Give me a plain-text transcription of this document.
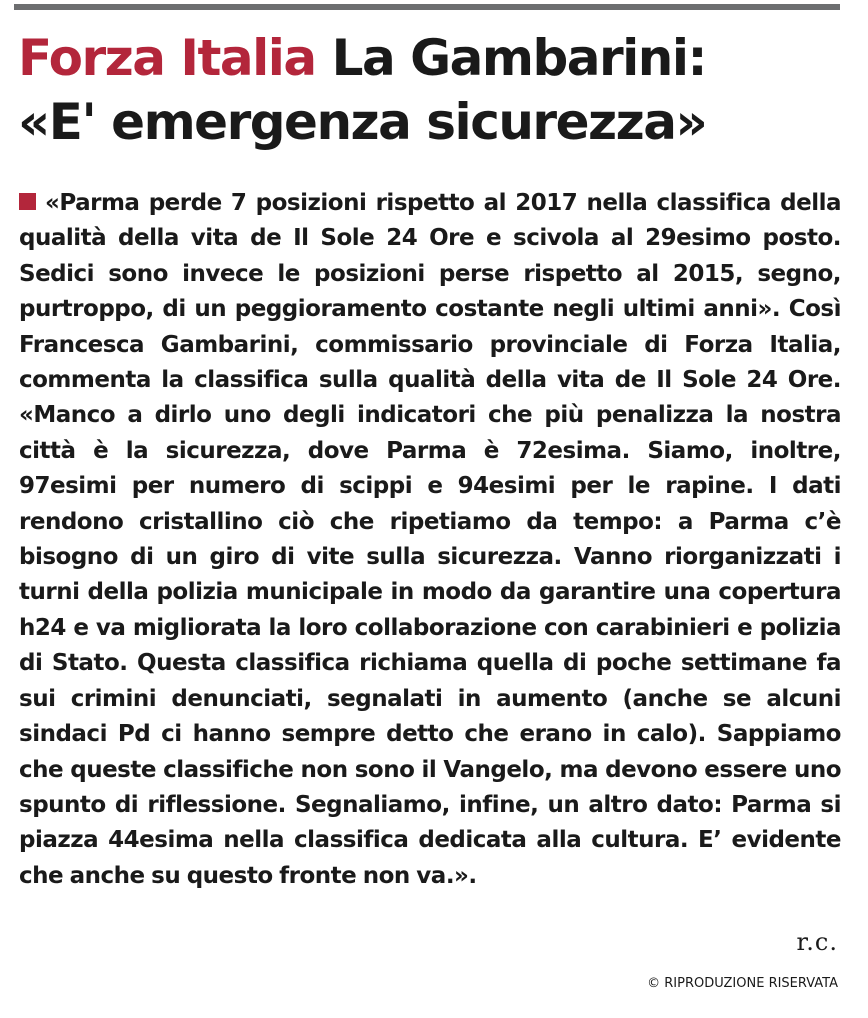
Forza Italia La Gambarini:
«E' emergenza sicurezza»

«Parma perde 7 posizioni rispetto al 2017 nella classifica della qualità della vita de Il Sole 24 Ore e scivola al 29esimo posto. Sedici sono invece le posizioni perse rispetto al 2015, segno, purtroppo, di un peggioramento costante negli ultimi anni». Così Francesca Gambarini, commissario provinciale di Forza Italia, commenta la classifica sulla qualità della vita de Il Sole 24 Ore. «Manco a dirlo uno degli indicatori che più penalizza la nostra città è la sicurezza, dove Parma è 72esima. Siamo, inoltre, 97esimi per numero di scippi e 94esimi per le rapine. I dati rendono cristallino ciò che ripetiamo da tempo: a Parma c’è bisogno di un giro di vite sulla sicurezza. Vanno riorganizzati i turni della polizia municipale in modo da garantire una copertura h24 e va migliorata la loro collaborazione con carabinieri e polizia di Stato. Questa classifica richiama quella di poche settimane fa sui crimini denunciati, segnalati in aumento (anche se alcuni sindaci Pd ci hanno sempre detto che erano in calo). Sappiamo che queste classifiche non sono il Vangelo, ma devono essere uno spunto di riflessione. Segnaliamo, infine, un altro dato: Parma si piazza 44esima nella classifica dedicata alla cultura. E’ evidente che anche su questo fronte non va.».

r.c.
© RIPRODUZIONE RISERVATA
